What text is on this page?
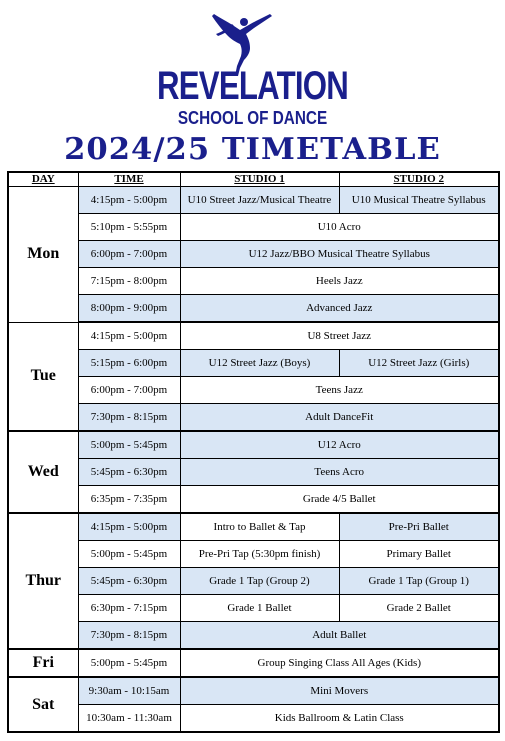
REVELATION
SCHOOL OF DANCE
2024/25 TIMETABLE
DAY	TIME	STUDIO 1	STUDIO 2
Mon	4:15pm - 5:00pm	U10 Street Jazz/Musical Theatre	U10 Musical Theatre Syllabus
	5:10pm - 5:55pm	U10 Acro	
	6:00pm - 7:00pm	U12 Jazz/BBO Musical Theatre Syllabus	
	7:15pm - 8:00pm	Heels Jazz	
	8:00pm - 9:00pm	Advanced Jazz	
Tue	4:15pm - 5:00pm	U8 Street Jazz	
	5:15pm - 6:00pm	U12 Street Jazz (Boys)	U12 Street Jazz (Girls)
	6:00pm - 7:00pm	Teens Jazz	
	7:30pm - 8:15pm	Adult DanceFit	
Wed	5:00pm - 5:45pm	U12 Acro	
	5:45pm - 6:30pm	Teens Acro	
	6:35pm - 7:35pm	Grade 4/5 Ballet	
Thur	4:15pm - 5:00pm	Intro to Ballet & Tap	Pre-Pri Ballet
	5:00pm - 5:45pm	Pre-Pri Tap (5:30pm finish)	Primary Ballet
	5:45pm - 6:30pm	Grade 1 Tap (Group 2)	Grade 1 Tap (Group 1)
	6:30pm - 7:15pm	Grade 1 Ballet	Grade 2 Ballet
	7:30pm - 8:15pm	Adult Ballet	
Fri	5:00pm - 5:45pm	Group Singing Class All Ages (Kids)	
Sat	9:30am - 10:15am	Mini Movers	
	10:30am - 11:30am	Kids Ballroom & Latin Class	
